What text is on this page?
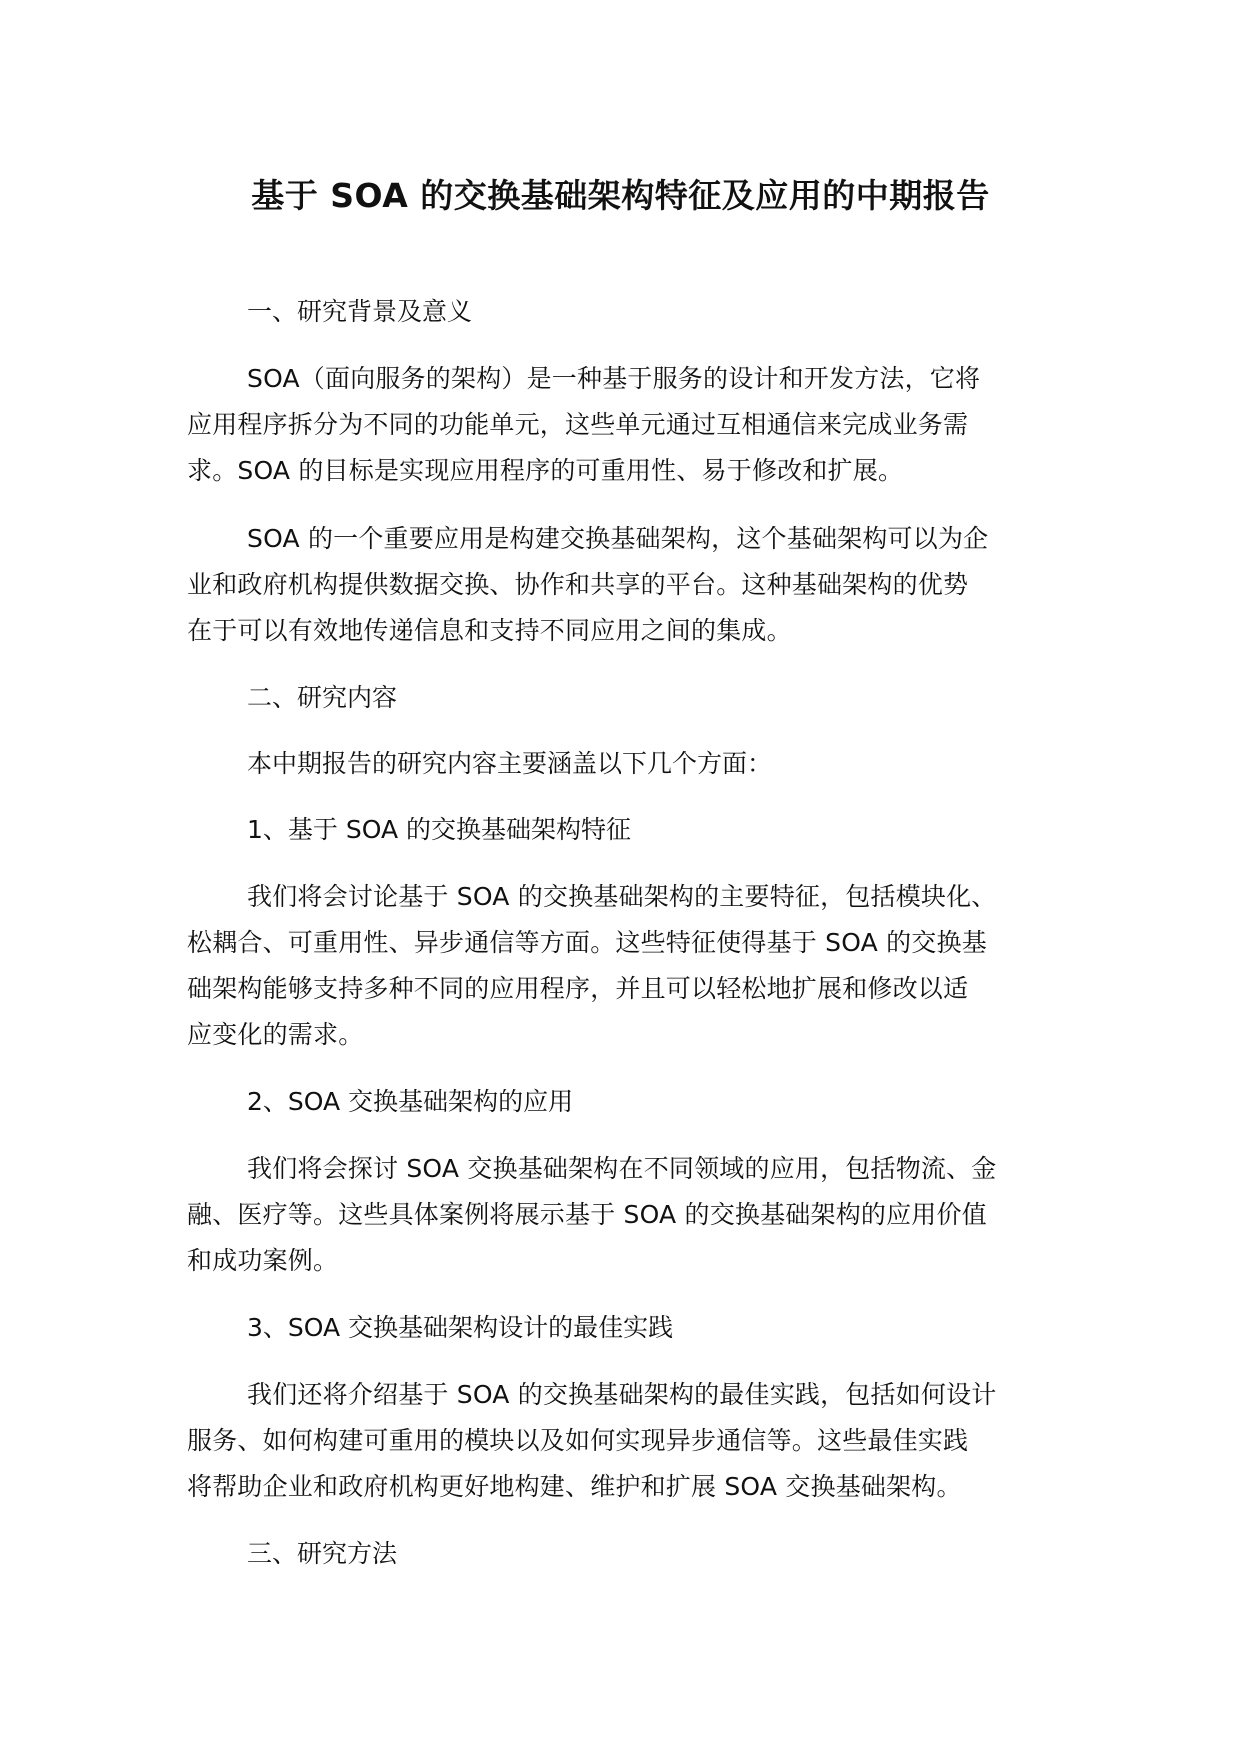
基于 SOA 的交换基础架构特征及应用的中期报告
一、研究背景及意义

SOA（面向服务的架构）是一种基于服务的设计和开发方法，它将
应用程序拆分为不同的功能单元，这些单元通过互相通信来完成业务需
求。SOA 的目标是实现应用程序的可重用性、易于修改和扩展。

SOA 的一个重要应用是构建交换基础架构，这个基础架构可以为企
业和政府机构提供数据交换、协作和共享的平台。这种基础架构的优势
在于可以有效地传递信息和支持不同应用之间的集成。

二、研究内容
本中期报告的研究内容主要涵盖以下几个方面：
1、基于 SOA 的交换基础架构特征

我们将会讨论基于 SOA 的交换基础架构的主要特征，包括模块化、
松耦合、可重用性、异步通信等方面。这些特征使得基于 SOA 的交换基
础架构能够支持多种不同的应用程序，并且可以轻松地扩展和修改以适
应变化的需求。

2、SOA 交换基础架构的应用

我们将会探讨 SOA 交换基础架构在不同领域的应用，包括物流、金
融、医疗等。这些具体案例将展示基于 SOA 的交换基础架构的应用价值
和成功案例。

3、SOA 交换基础架构设计的最佳实践

我们还将介绍基于 SOA 的交换基础架构的最佳实践，包括如何设计
服务、如何构建可重用的模块以及如何实现异步通信等。这些最佳实践
将帮助企业和政府机构更好地构建、维护和扩展 SOA 交换基础架构。

三、研究方法
